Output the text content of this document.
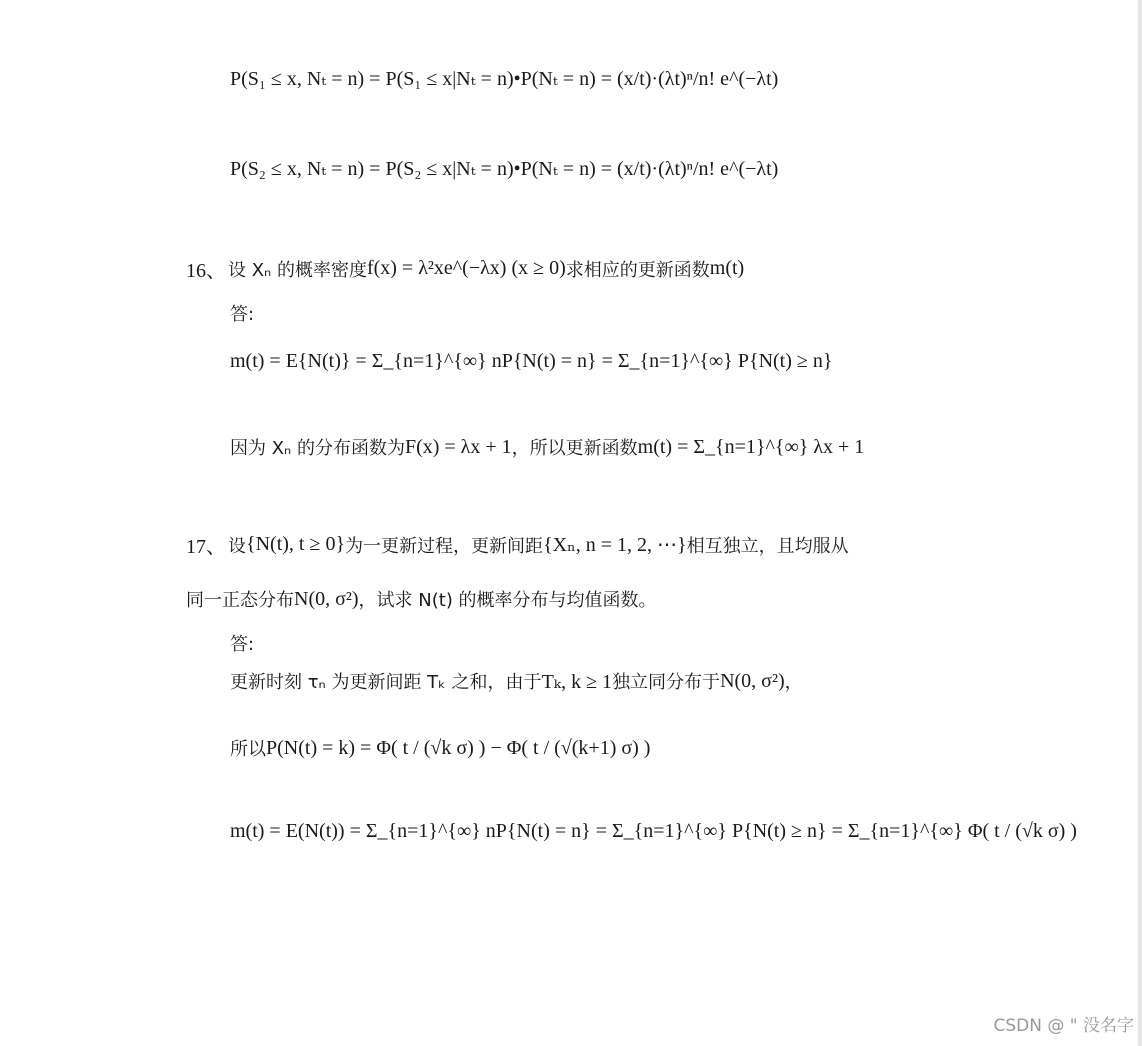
P(S₁ ≤ x, Nₜ = n) = P(S₁ ≤ x|Nₜ = n)•P(Nₜ = n) = (x/t)·(λt)ⁿ/n! e^(−λt)
P(S₂ ≤ x, Nₜ = n) = P(S₂ ≤ x|Nₜ = n)•P(Nₜ = n) = (x/t)·(λt)ⁿ/n! e^(−λt)
16、 设 Xₙ 的概率密度 f(x) = λ²xe^(−λx) (x ≥ 0) 求相应的更新函数 m(t)
答:
m(t) = E{N(t)} = Σ_{n=1}^{∞} nP{N(t) = n} = Σ_{n=1}^{∞} P{N(t) ≥ n}
因为 Xₙ 的分布函数为 F(x) = λx + 1 ，所以更新函数 m(t) = Σ_{n=1}^{∞} λx + 1
17、 设 {N(t), t ≥ 0} 为一更新过程，更新间距 {Xₙ, n = 1, 2, ⋯} 相互独立，且均服从
同一正态分布 N(0, σ²) ，试求 N(t) 的概率分布与均值函数。
答:
更新时刻 τₙ 为更新间距 Tₖ 之和，由于 Tₖ, k ≥ 1 独立同分布于 N(0, σ²) ，
所以 P(N(t) = k) = Φ( t / (√k σ) ) − Φ( t / (√(k+1) σ) )
m(t) = E(N(t)) = Σ_{n=1}^{∞} nP{N(t) = n} = Σ_{n=1}^{∞} P{N(t) ≥ n} = Σ_{n=1}^{∞} Φ( t / (√k σ) )
CSDN @ " 没名字
